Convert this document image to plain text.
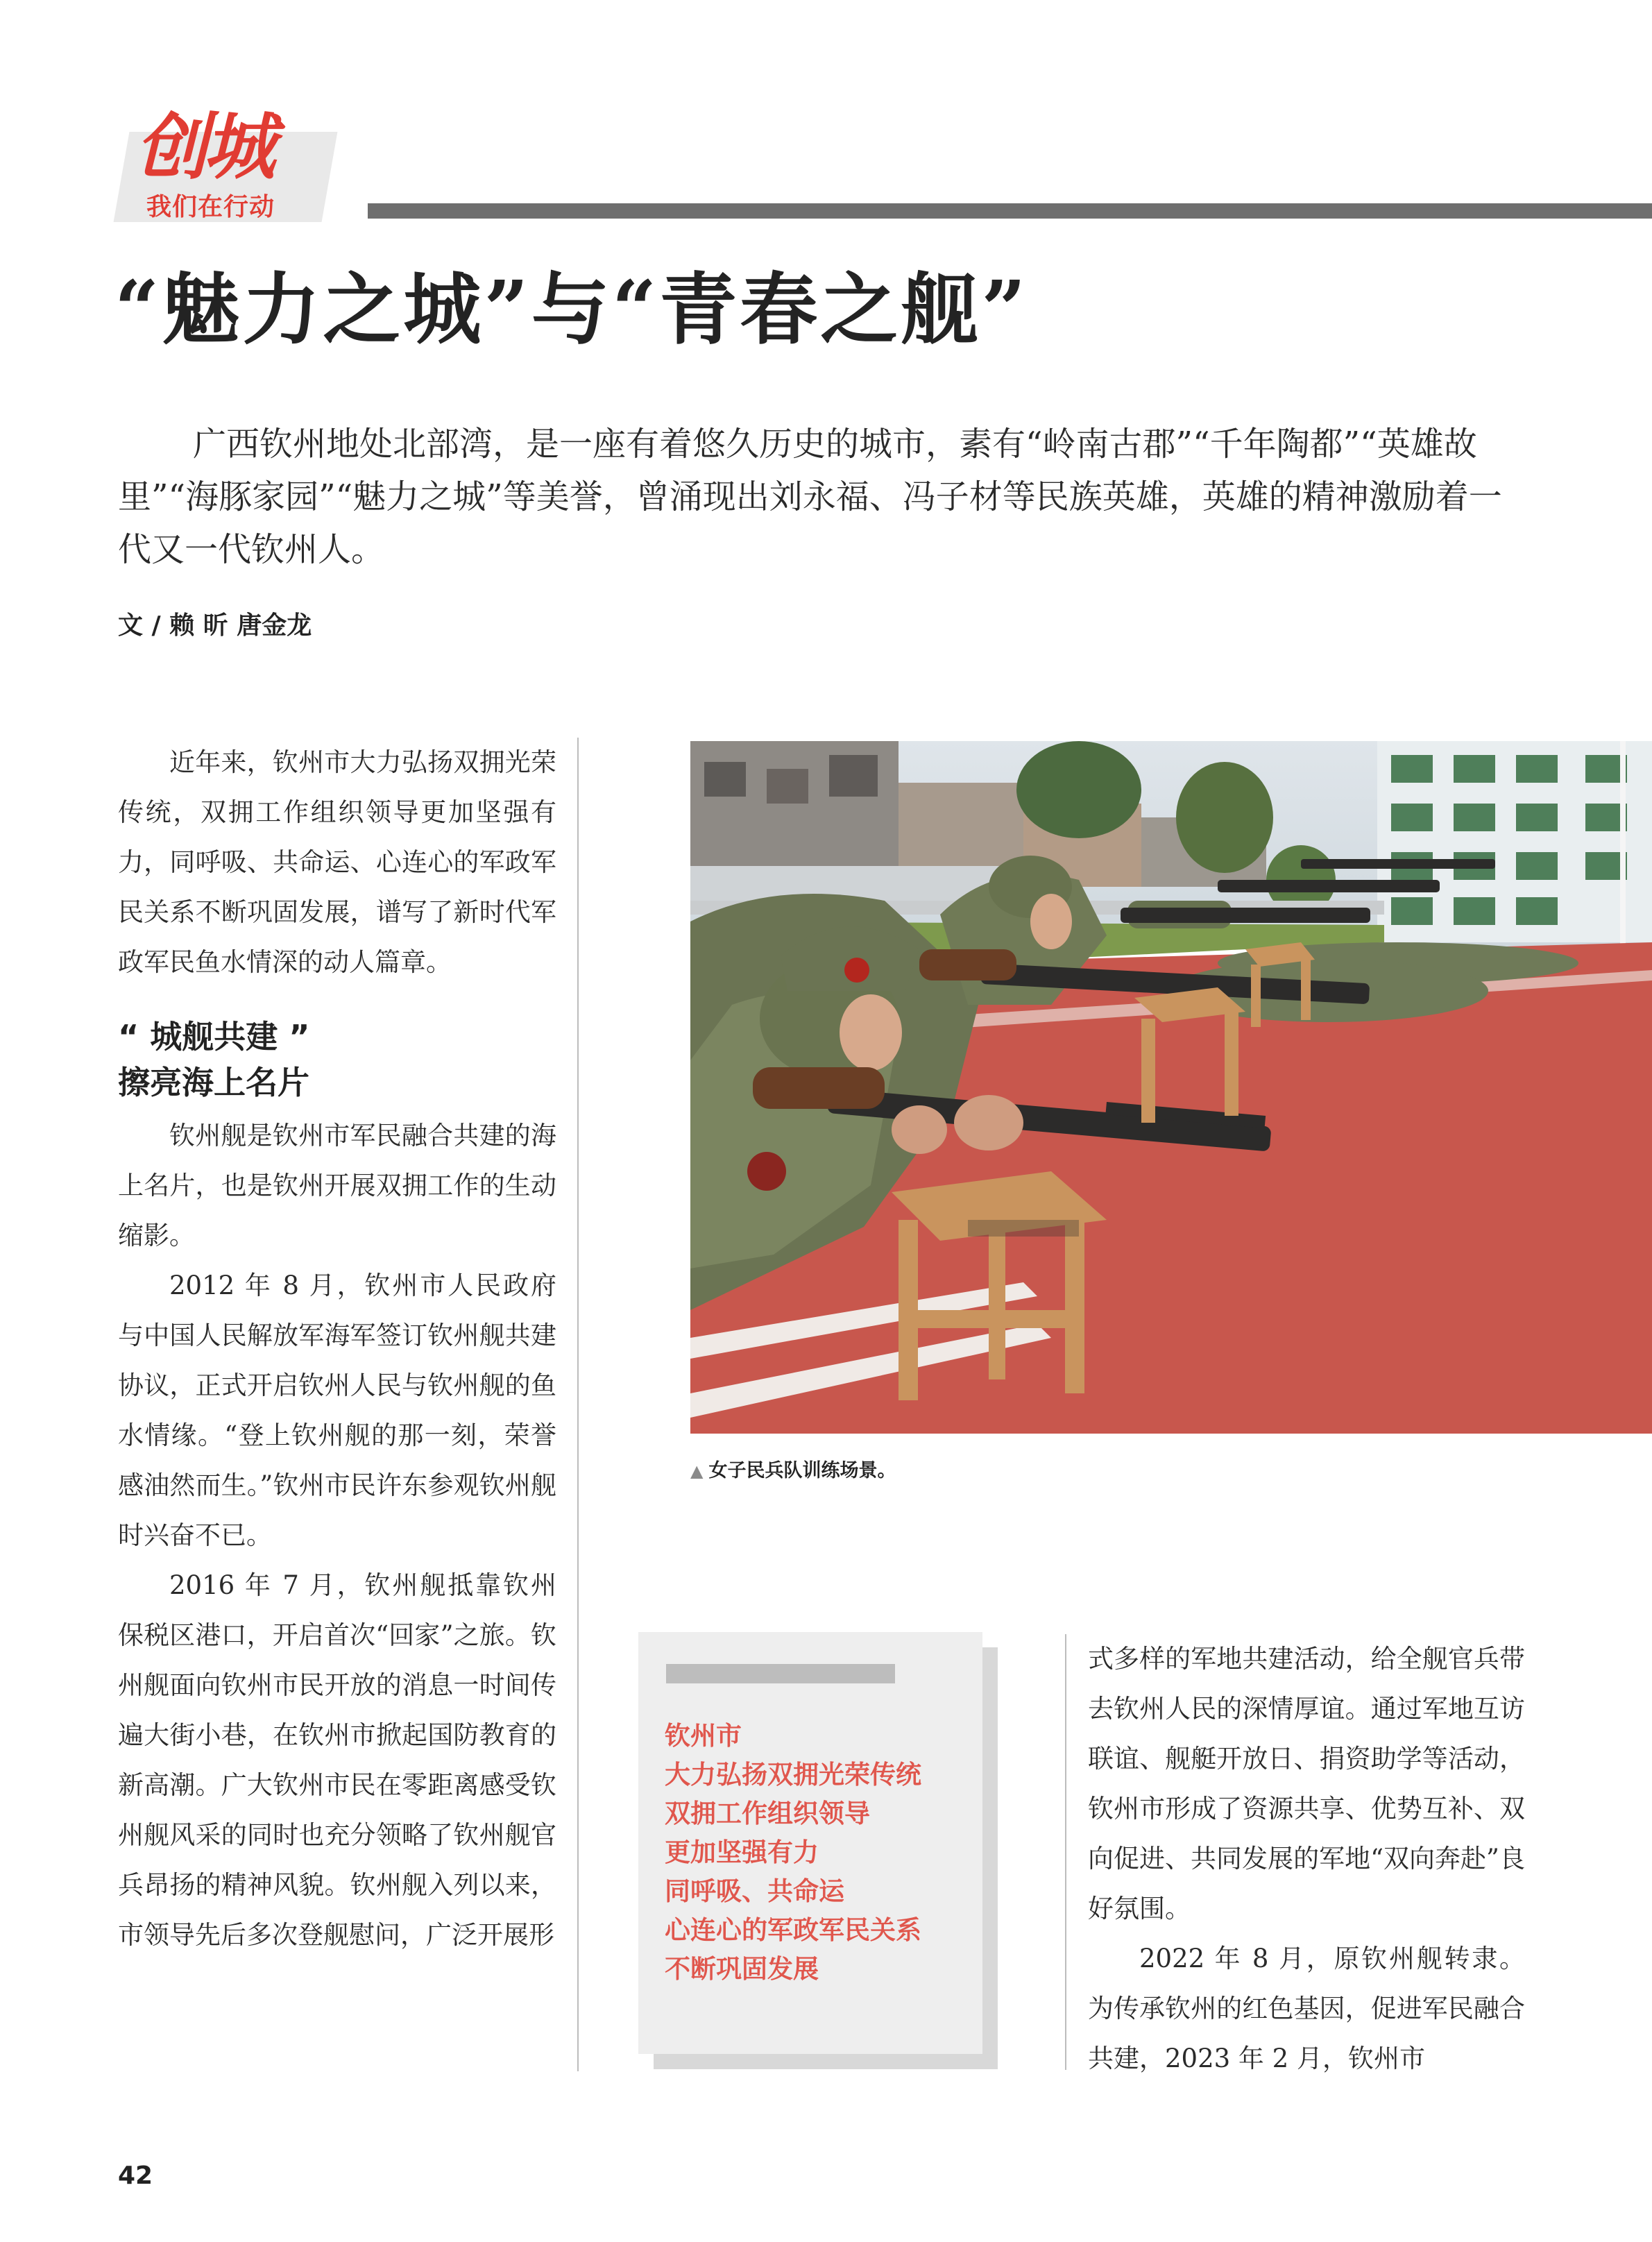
创城
我们在行动
“魅力之城”与“青春之舰”

广西钦州地处北部湾，是一座有着悠久历史的城市，素有“岭南古郡”“千年陶都”“英雄故里”“海豚家园”“魅力之城”等美誉，曾涌现出刘永福、冯子材等民族英雄，英雄的精神激励着一代又一代钦州人。

文 / 赖 昕 唐金龙

近年来，钦州市大力弘扬双拥光荣传统，双拥工作组织领导更加坚强有力，同呼吸、共命运、心连心的军政军民关系不断巩固发展，谱写了新时代军政军民鱼水情深的动人篇章。

“ 城舰共建 ”
擦亮海上名片

钦州舰是钦州市军民融合共建的海上名片，也是钦州开展双拥工作的生动缩影。

2012 年 8 月，钦州市人民政府与中国人民解放军海军签订钦州舰共建协议，正式开启钦州人民与钦州舰的鱼水情缘。“登上钦州舰的那一刻，荣誉感油然而生。”钦州市民许东参观钦州舰时兴奋不已。

2016 年 7 月，钦州舰抵靠钦州保税区港口，开启首次“回家”之旅。钦州舰面向钦州市民开放的消息一时间传遍大街小巷，在钦州市掀起国防教育的新高潮。广大钦州市民在零距离感受钦州舰风采的同时也充分领略了钦州舰官兵昂扬的精神风貌。钦州舰入列以来，市领导先后多次登舰慰问，广泛开展形

▲ 女子民兵队训练场景。
钦州市
大力弘扬双拥光荣传统
双拥工作组织领导
更加坚强有力
同呼吸、共命运
心连心的军政军民关系
不断巩固发展

式多样的军地共建活动，给全舰官兵带去钦州人民的深情厚谊。通过军地互访联谊、舰艇开放日、捐资助学等活动，钦州市形成了资源共享、优势互补、双向促进、共同发展的军地“双向奔赴”良好氛围。

2022 年 8 月，原钦州舰转隶。为传承钦州的红色基因，促进军民融合共建，2023 年 2 月，钦州市

42
